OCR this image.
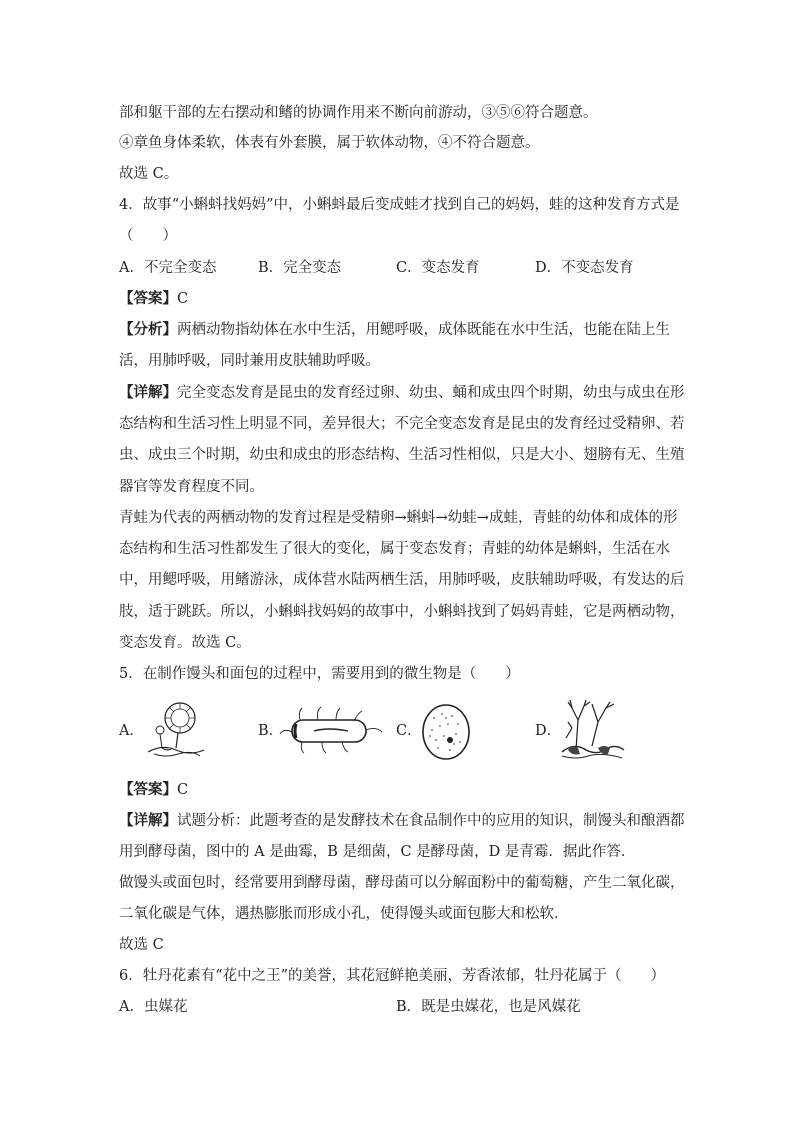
部和躯干部的左右摆动和鳍的协调作用来不断向前游动，③⑤⑥符合题意。
④章鱼身体柔软，体表有外套膜，属于软体动物，④不符合题意。
故选 C。
4．故事“小蝌蚪找妈妈”中，小蝌蚪最后变成蛙才找到自己的妈妈，蛙的这种发育方式是
（　　）
A．不完全变态	B．完全变态	C．变态发育	D．不变态发育
【答案】C
【分析】两栖动物指幼体在水中生活，用鳃呼吸，成体既能在水中生活，也能在陆上生
活，用肺呼吸，同时兼用皮肤辅助呼吸。
【详解】完全变态发育是昆虫的发育经过卵、幼虫、蛹和成虫四个时期，幼虫与成虫在形
态结构和生活习性上明显不同，差异很大；不完全变态发育是昆虫的发育经过受精卵、若
虫、成虫三个时期，幼虫和成虫的形态结构、生活习性相似，只是大小、翅膀有无、生殖
器官等发育程度不同。
青蛙为代表的两栖动物的发育过程是受精卵→蝌蚪→幼蛙→成蛙，青蛙的幼体和成体的形
态结构和生活习性都发生了很大的变化，属于变态发育；青蛙的幼体是蝌蚪，生活在水
中，用鳃呼吸，用鳍游泳，成体营水陆两栖生活，用肺呼吸，皮肤辅助呼吸，有发达的后
肢，适于跳跃。所以，小蝌蚪找妈妈的故事中，小蝌蚪找到了妈妈青蛙，它是两栖动物，
变态发育。故选 C。
5．在制作馒头和面包的过程中，需要用到的微生物是（　　）
A．	B．	C．	D．
【答案】C
【详解】试题分析：此题考查的是发酵技术在食品制作中的应用的知识，制馒头和酿酒都
用到酵母菌，图中的 A 是曲霉，B 是细菌，C 是酵母菌，D 是青霉．据此作答．
做馒头或面包时，经常要用到酵母菌，酵母菌可以分解面粉中的葡萄糖，产生二氧化碳，
二氧化碳是气体，遇热膨胀而形成小孔，使得馒头或面包膨大和松软．
故选 C
6．牡丹花素有“花中之王”的美誉，其花冠鲜艳美丽，芳香浓郁，牡丹花属于（　　）
A．虫媒花	B．既是虫媒花，也是风媒花
